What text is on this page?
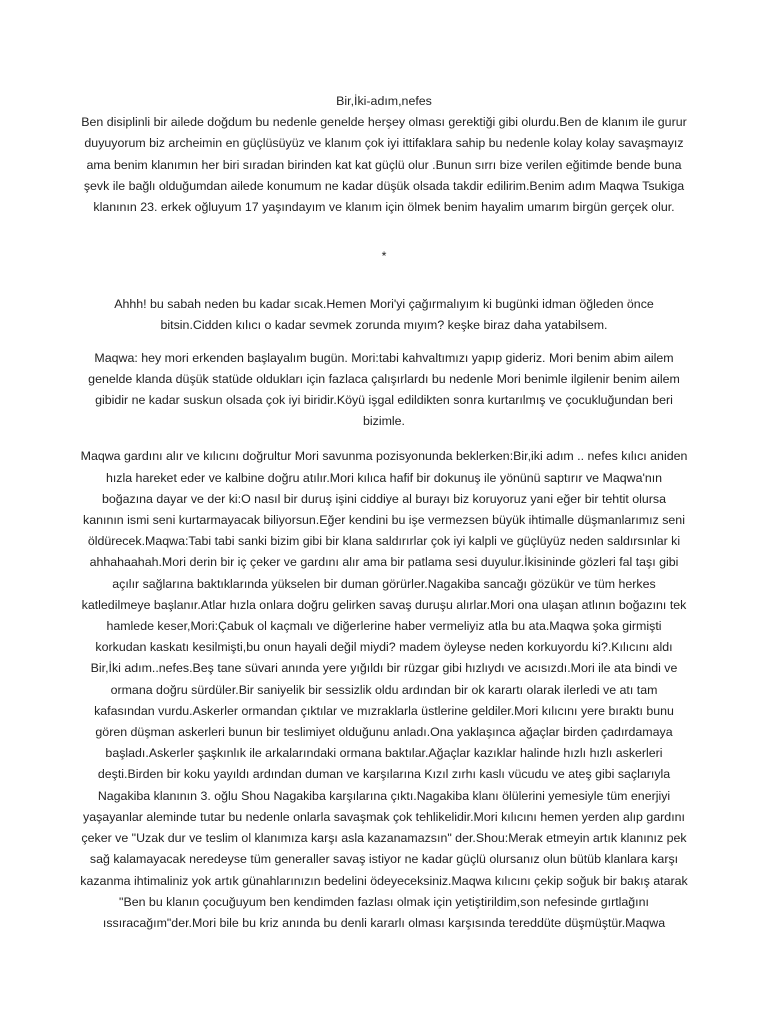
Bir,İki-adım,nefes

Ben disiplinli bir ailede doğdum bu nedenle genelde herşey olması gerektiği gibi olurdu.Ben de klanım ile gurur duyuyorum biz archeimin en güçlüsüyüz ve klanım çok iyi ittifaklara sahip bu nedenle kolay kolay savaşmayız ama benim klanımın her biri sıradan birinden kat kat güçlü olur .Bunun sırrı bize verilen eğitimde bende buna şevk ile bağlı olduğumdan ailede konumum ne kadar düşük olsada takdir edilirim.Benim adım Maqwa Tsukiga klanının 23. erkek oğluyum 17 yaşındayım ve klanım için ölmek benim hayalim umarım birgün gerçek olur.

*

Ahhh! bu sabah neden bu kadar sıcak.Hemen Mori'yi çağırmalıyım ki bugünki idman öğleden önce bitsin.Cidden kılıcı o kadar sevmek zorunda mıyım? keşke biraz daha yatabilsem.

Maqwa: hey mori erkenden başlayalım bugün. Mori:tabi kahvaltımızı yapıp gideriz. Mori benim abim ailem genelde klanda düşük statüde oldukları için fazlaca çalışırlardı bu nedenle Mori benimle ilgilenir benim ailem gibidir ne kadar suskun olsada çok iyi biridir.Köyü işgal edildikten sonra kurtarılmış ve çocukluğundan beri bizimle.

Maqwa gardını alır ve kılıcını doğrultur Mori savunma pozisyonunda beklerken:Bir,iki adım .. nefes kılıcı aniden hızla hareket eder ve kalbine doğru atılır.Mori kılıca hafif bir dokunuş ile yönünü saptırır ve Maqwa'nın boğazına dayar ve der ki:O nasıl bir duruş işini ciddiye al burayı biz koruyoruz yani eğer bir tehtit olursa kanının ismi seni kurtarmayacak biliyorsun.Eğer kendini bu işe vermezsen büyük ihtimalle düşmanlarımız seni öldürecek.Maqwa:Tabi tabi sanki bizim gibi bir klana saldırırlar çok iyi kalpli ve güçlüyüz neden saldırsınlar ki ahhahaahah.Mori derin bir iç çeker ve gardını alır ama bir patlama sesi duyulur.İkisininde gözleri fal taşı gibi açılır sağlarına baktıklarında yükselen bir duman görürler.Nagakiba sancağı gözükür ve tüm herkes katledilmeye başlanır.Atlar hızla onlara doğru gelirken savaş duruşu alırlar.Mori ona ulaşan atlının boğazını tek hamlede keser,Mori:Çabuk ol kaçmalı ve diğerlerine haber vermeliyiz atla bu ata.Maqwa şoka girmişti korkudan kaskatı kesilmişti,bu onun hayali değil miydi? madem öyleyse neden korkuyordu ki?.Kılıcını aldı Bir,İki adım..nefes.Beş tane süvari anında yere yığıldı bir rüzgar gibi hızlıydı ve acısızdı.Mori ile ata bindi ve ormana doğru sürdüler.Bir saniyelik bir sessizlik oldu ardından bir ok karartı olarak ilerledi ve atı tam kafasından vurdu.Askerler ormandan çıktılar ve mızraklarla üstlerine geldiler.Mori kılıcını yere bıraktı bunu gören düşman askerleri bunun bir teslimiyet olduğunu anladı.Ona yaklaşınca ağaçlar birden çadırdamaya başladı.Askerler şaşkınlık ile arkalarındaki ormana baktılar.Ağaçlar kazıklar halinde hızlı hızlı askerleri deşti.Birden bir koku yayıldı ardından duman ve karşılarına Kızıl zırhı kaslı vücudu ve ateş gibi saçlarıyla Nagakiba klanının 3. oğlu Shou Nagakiba karşılarına çıktı.Nagakiba klanı ölülerini yemesiyle tüm enerjiyi yaşayanlar aleminde tutar bu nedenle onlarla savaşmak çok tehlikelidir.Mori kılıcını hemen yerden alıp gardını çeker ve "Uzak dur ve teslim ol klanımıza karşı asla kazanamazsın" der.Shou:Merak etmeyin artık klanınız pek sağ kalamayacak neredeyse tüm generaller savaş istiyor ne kadar güçlü olursanız olun bütüb klanlara karşı kazanma ihtimaliniz yok artık günahlarınızın bedelini ödeyeceksiniz.Maqwa kılıcını çekip soğuk bir bakış atarak "Ben bu klanın çocuğuyum ben kendimden fazlası olmak için yetiştirildim,son nefesinde gırtlağını ıssıracağım"der.Mori bile bu kriz anında bu denli kararlı olması karşısında tereddüte düşmüştür.Maqwa
